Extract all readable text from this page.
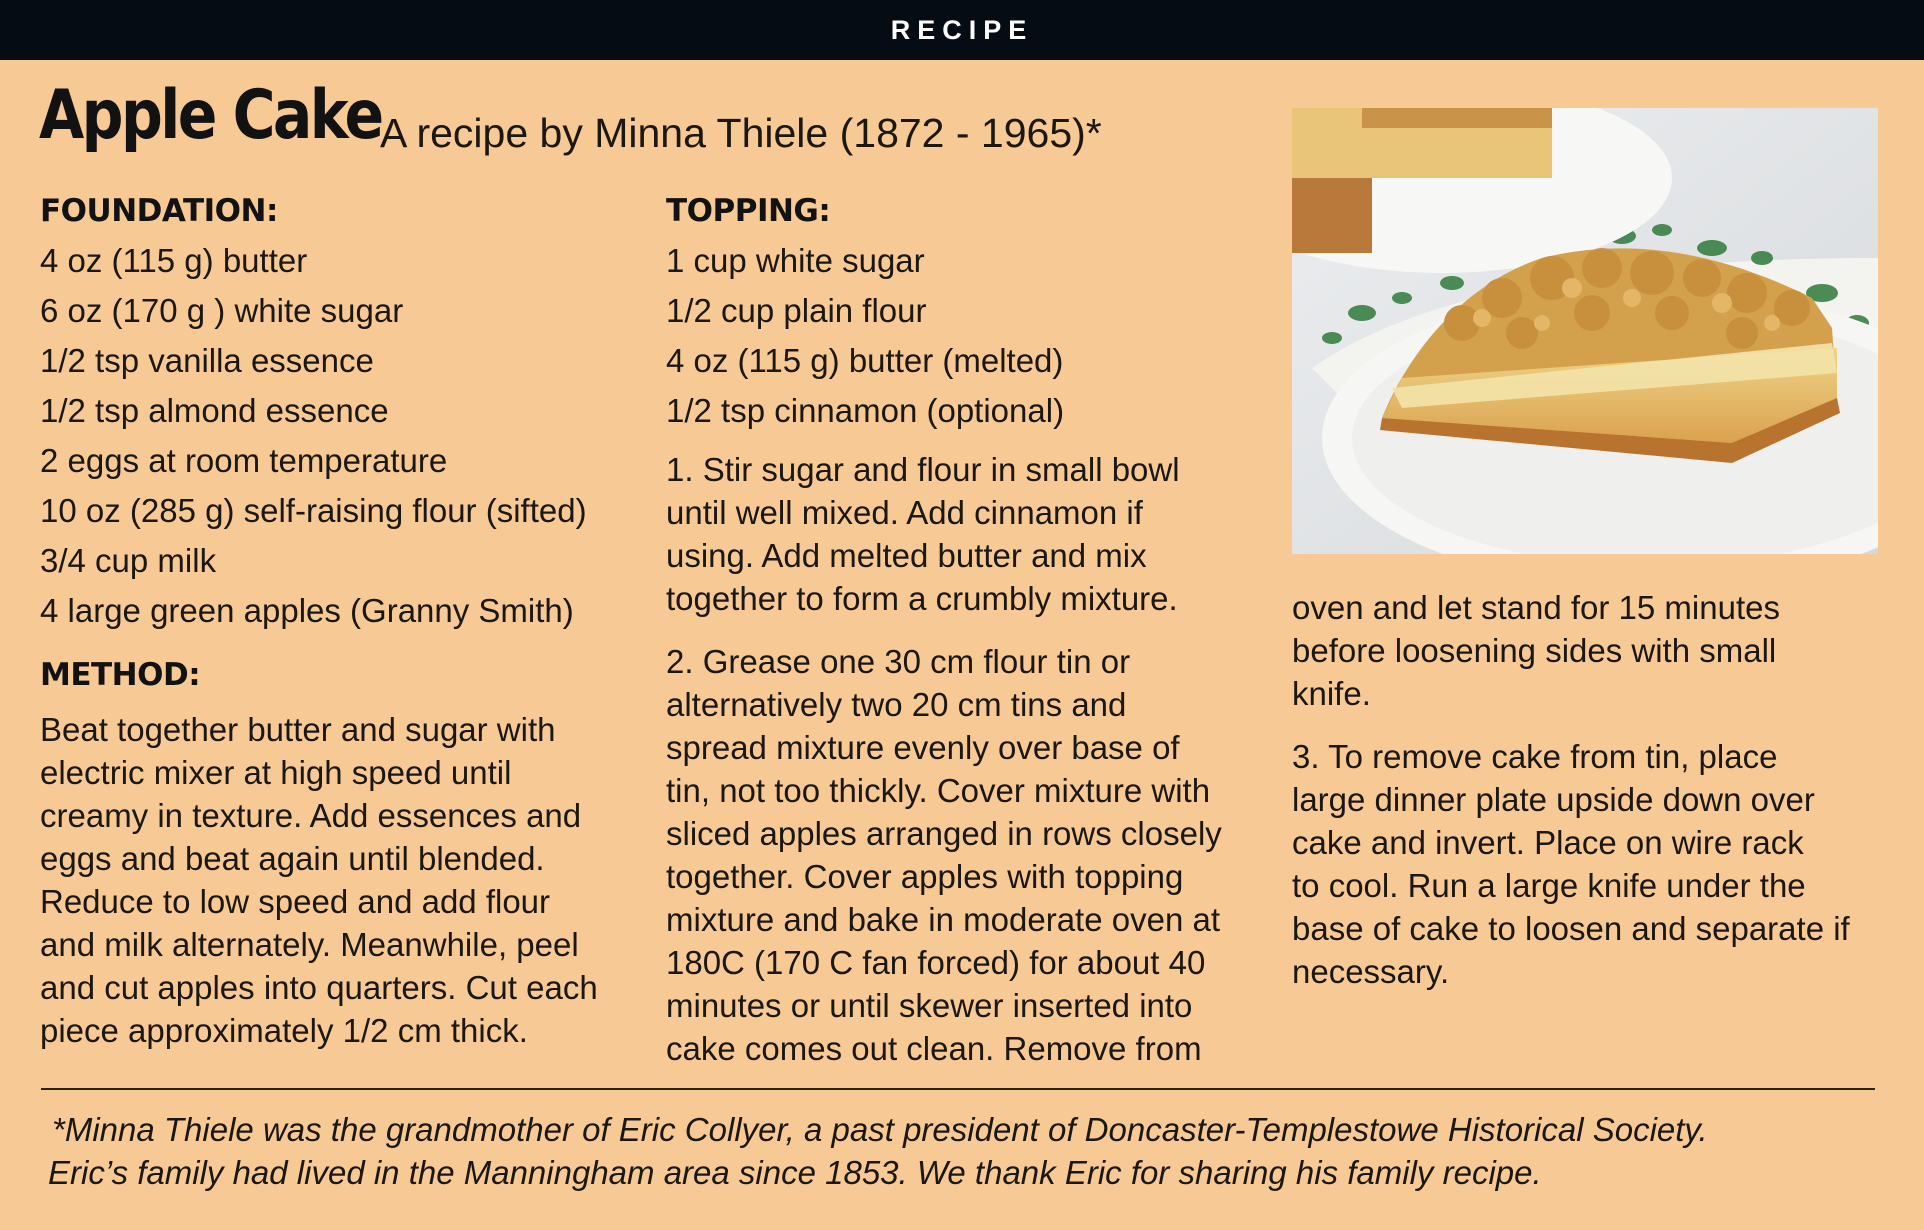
RECIPE
Apple Cake
A recipe by Minna Thiele (1872 - 1965)*
FOUNDATION:
4 oz (115 g) butter
6 oz (170 g ) white sugar
1/2 tsp vanilla essence
1/2 tsp almond essence
2 eggs at room temperature
10 oz (285 g) self-raising flour (sifted)
3/4 cup milk
4 large green apples (Granny Smith)
METHOD:
Beat together butter and sugar with
electric mixer at high speed until
creamy in texture. Add essences and
eggs and beat again until blended.
Reduce to low speed and add flour
and milk alternately. Meanwhile, peel
and cut apples into quarters. Cut each
piece approximately 1/2 cm thick.
TOPPING:
1 cup white sugar
1/2 cup plain flour
4 oz (115 g) butter (melted)
1/2 tsp cinnamon (optional)
1. Stir sugar and flour in small bowl
until well mixed. Add cinnamon if
using. Add melted butter and mix
together to form a crumbly mixture.
2. Grease one 30 cm flour tin or
alternatively two 20 cm tins and
spread mixture evenly over base of
tin, not too thickly. Cover mixture with
sliced apples arranged in rows closely
together. Cover apples with topping
mixture and bake in moderate oven at
180C (170 C fan forced) for about 40
minutes or until skewer inserted into
cake comes out clean. Remove from
oven and let stand for 15 minutes
before loosening sides with small
knife.
3. To remove cake from tin, place
large dinner plate upside down over
cake and invert. Place on wire rack
to cool. Run a large knife under the
base of cake to loosen and separate if
necessary.
*Minna Thiele was the grandmother of Eric Collyer, a past president of Doncaster-Templestowe Historical Society.
Eric’s family had lived in the Manningham area since 1853. We thank Eric for sharing his family recipe.
